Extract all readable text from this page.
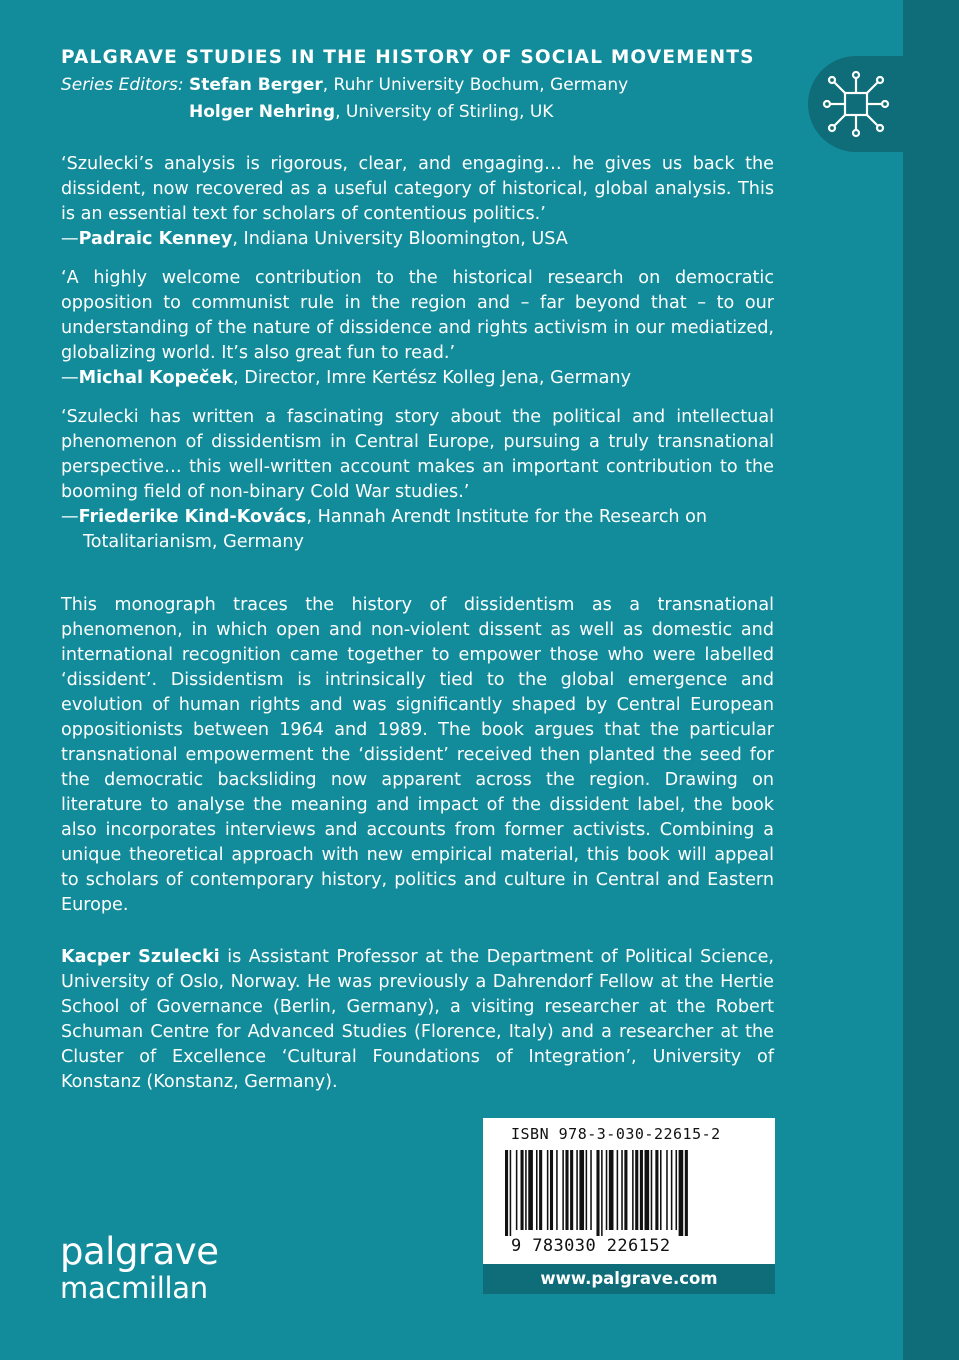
PALGRAVE STUDIES IN THE HISTORY OF SOCIAL MOVEMENTS
Series Editors: Stefan Berger, Ruhr University Bochum, Germany
Holger Nehring, University of Stirling, UK

‘Szulecki’s analysis is rigorous, clear, and engaging… he gives us back the dissident, now recovered as a useful category of historical, global analysis. This is an essential text for scholars of contentious politics.’

—Padraic Kenney, Indiana University Bloomington, USA

‘A highly welcome contribution to the historical research on democratic opposition to communist rule in the region and – far beyond that – to our understanding of the nature of dissidence and rights activism in our mediatized, globalizing world. It’s also great fun to read.’

—Michal Kopeček, Director, Imre Kertész Kolleg Jena, Germany

‘Szulecki has written a fascinating story about the political and intellectual phenomenon of dissidentism in Central Europe, pursuing a truly transnational perspective… this well-written account makes an important contribution to the booming field of non-binary Cold War studies.’

—Friederike Kind-Kovács, Hannah Arendt Institute for the Research on Totalitarianism, Germany

This monograph traces the history of dissidentism as a transnational phenomenon, in which open and non-violent dissent as well as domestic and international recognition came together to empower those who were labelled ‘dissident’. Dissidentism is intrinsically tied to the global emergence and evolution of human rights and was significantly shaped by Central European oppositionists between 1964 and 1989. The book argues that the particular transnational empowerment the ‘dissident’ received then planted the seed for the democratic backsliding now apparent across the region. Drawing on literature to analyse the meaning and impact of the dissident label, the book also incorporates interviews and accounts from former activists. Combining a unique theoretical approach with new empirical material, this book will appeal to scholars of contemporary history, politics and culture in Central and Eastern Europe.

Kacper Szulecki is Assistant Professor at the Department of Political Science, University of Oslo, Norway. He was previously a Dahrendorf Fellow at the Hertie School of Governance (Berlin, Germany), a visiting researcher at the Robert Schuman Centre for Advanced Studies (Florence, Italy) and a researcher at the Cluster of Excellence ‘Cultural Foundations of Integration’, University of Konstanz (Konstanz, Germany).

ISBN 978-3-030-22615-2
9 783030 226152
www.palgrave.com
palgrave
macmillan
